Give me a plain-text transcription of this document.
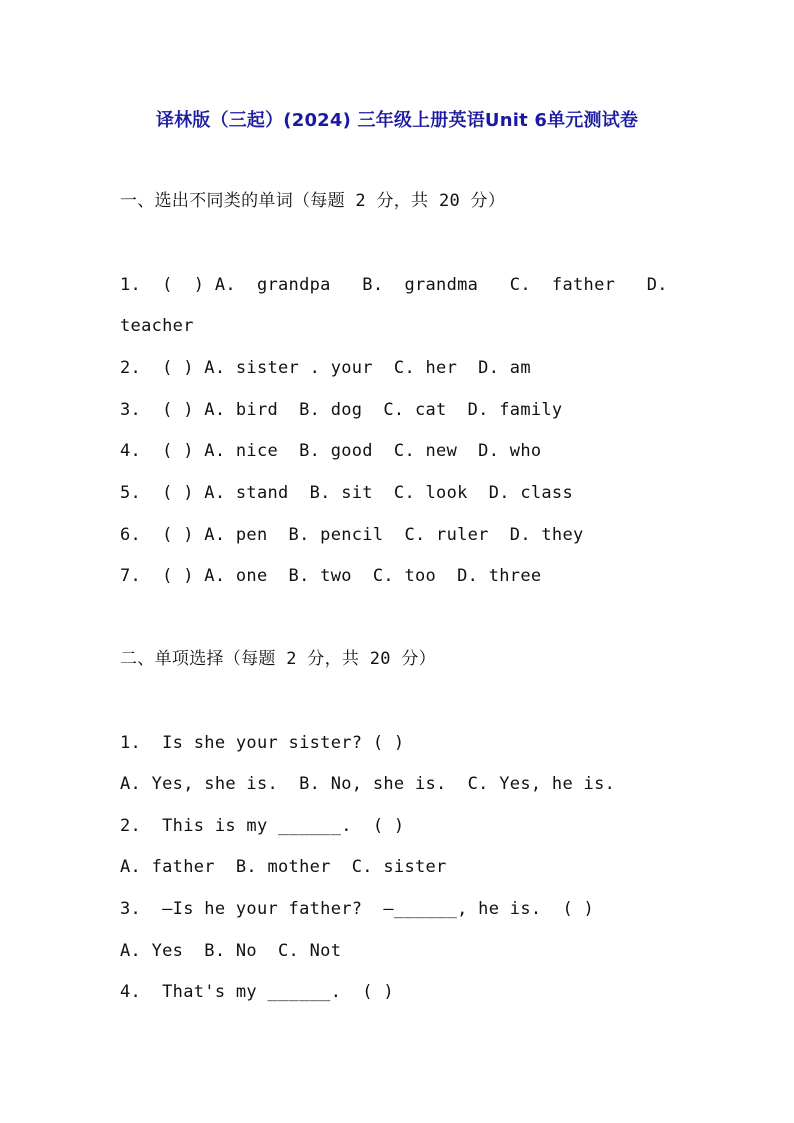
译林版（三起）(2024) 三年级上册英语Unit 6单元测试卷
一、选出不同类的单词（每题 2 分，共 20 分）
1.  (  ) A.  grandpa   B.  grandma   C.  father   D.
teacher
2.  ( ) A. sister . your  C. her  D. am
3.  ( ) A. bird  B. dog  C. cat  D. family
4.  ( ) A. nice  B. good  C. new  D. who
5.  ( ) A. stand  B. sit  C. look  D. class
6.  ( ) A. pen  B. pencil  C. ruler  D. they
7.  ( ) A. one  B. two  C. too  D. three
二、单项选择（每题 2 分，共 20 分）
1.  Is she your sister? ( )
A. Yes, she is.  B. No, she is.  C. Yes, he is.
2.  This is my ______.  ( )
A. father  B. mother  C. sister
3.  —Is he your father?  —______, he is.  ( )
A. Yes  B. No  C. Not
4.  That's my ______.  ( )
